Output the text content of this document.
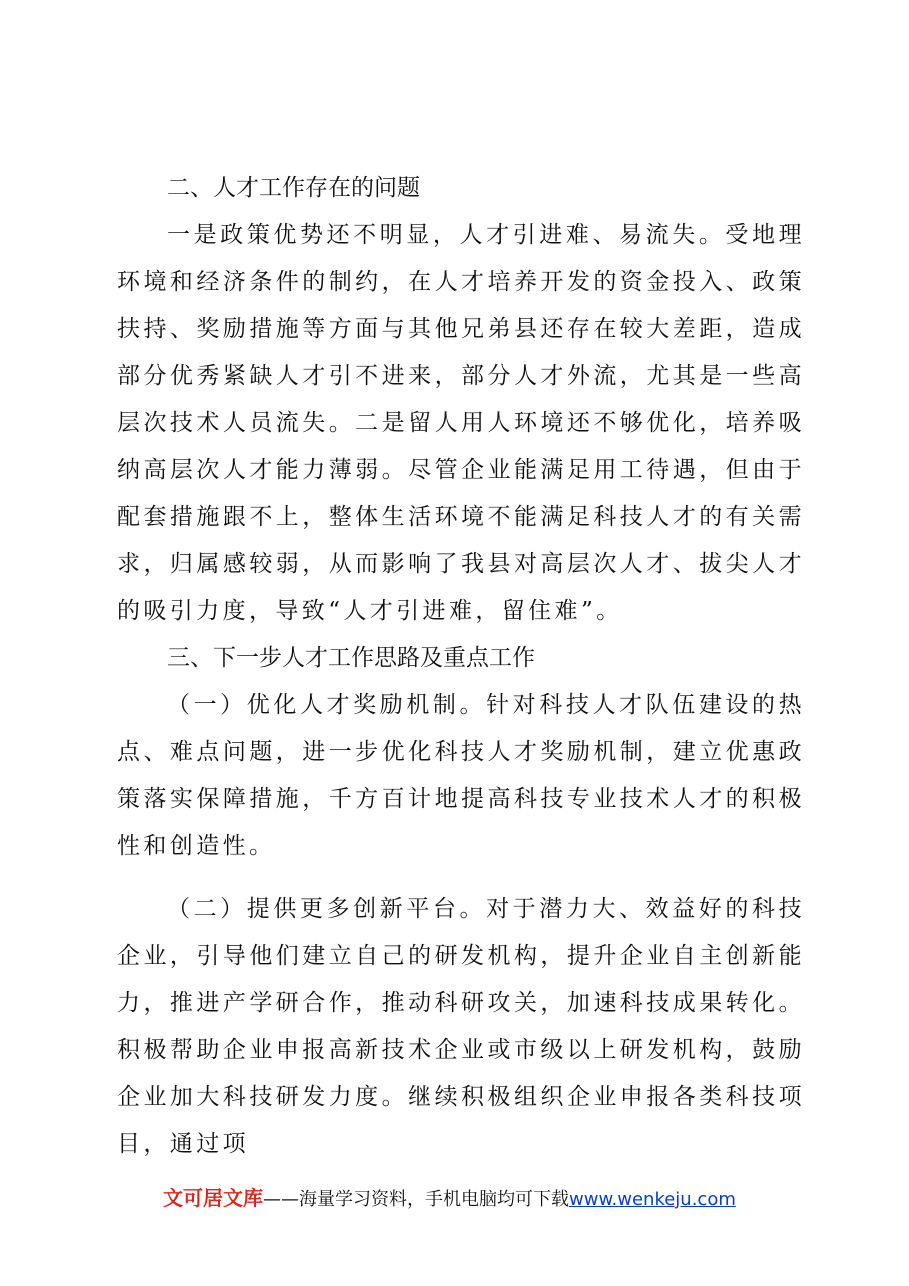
二、人才工作存在的问题

一是政策优势还不明显，人才引进难、易流失。受地理环境和经济条件的制约，在人才培养开发的资金投入、政策扶持、奖励措施等方面与其他兄弟县还存在较大差距，造成部分优秀紧缺人才引不进来，部分人才外流，尤其是一些高层次技术人员流失。二是留人用人环境还不够优化，培养吸纳高层次人才能力薄弱。尽管企业能满足用工待遇，但由于配套措施跟不上，整体生活环境不能满足科技人才的有关需求，归属感较弱，从而影响了我县对高层次人才、拔尖人才的吸引力度，导致“人才引进难，留住难”。

三、下一步人才工作思路及重点工作

（一）优化人才奖励机制。针对科技人才队伍建设的热点、难点问题，进一步优化科技人才奖励机制，建立优惠政策落实保障措施，千方百计地提高科技专业技术人才的积极性和创造性。

（二）提供更多创新平台。对于潜力大、效益好的科技企业，引导他们建立自己的研发机构，提升企业自主创新能力，推进产学研合作，推动科研攻关，加速科技成果转化。积极帮助企业申报高新技术企业或市级以上研发机构，鼓励企业加大科技研发力度。继续积极组织企业申报各类科技项目，通过项

文可居文库——海量学习资料，手机电脑均可下载www.wenkeju.com
